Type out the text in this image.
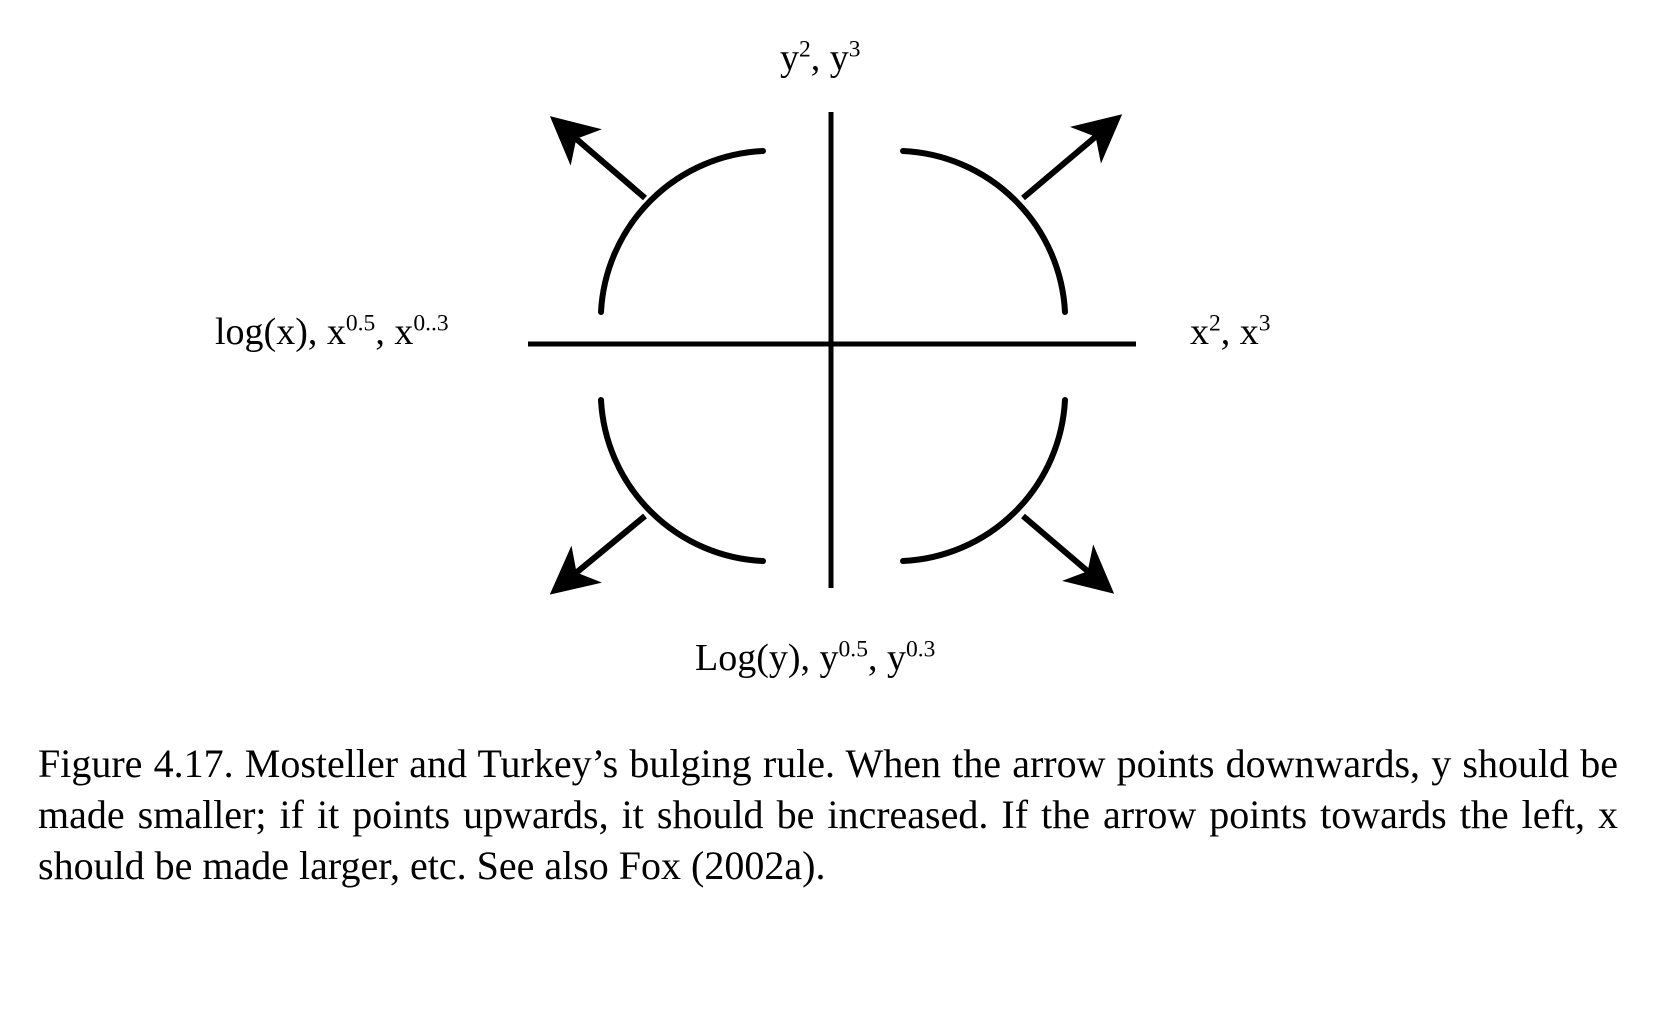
$y^2$, $y^3$
log(x), $x^{0.5}$, $x^{0..3}$	$x^2$, $x^3$
Log(y), $y^{0.5}$, $y^{0.3}$
Figure 4.17. Mosteller and Turkey’s bulging rule. When the arrow points downwards, y should be made smaller; if it points upwards, it should be increased. If the arrow points towards the left, x should be made larger, etc. See also Fox (2002a).
